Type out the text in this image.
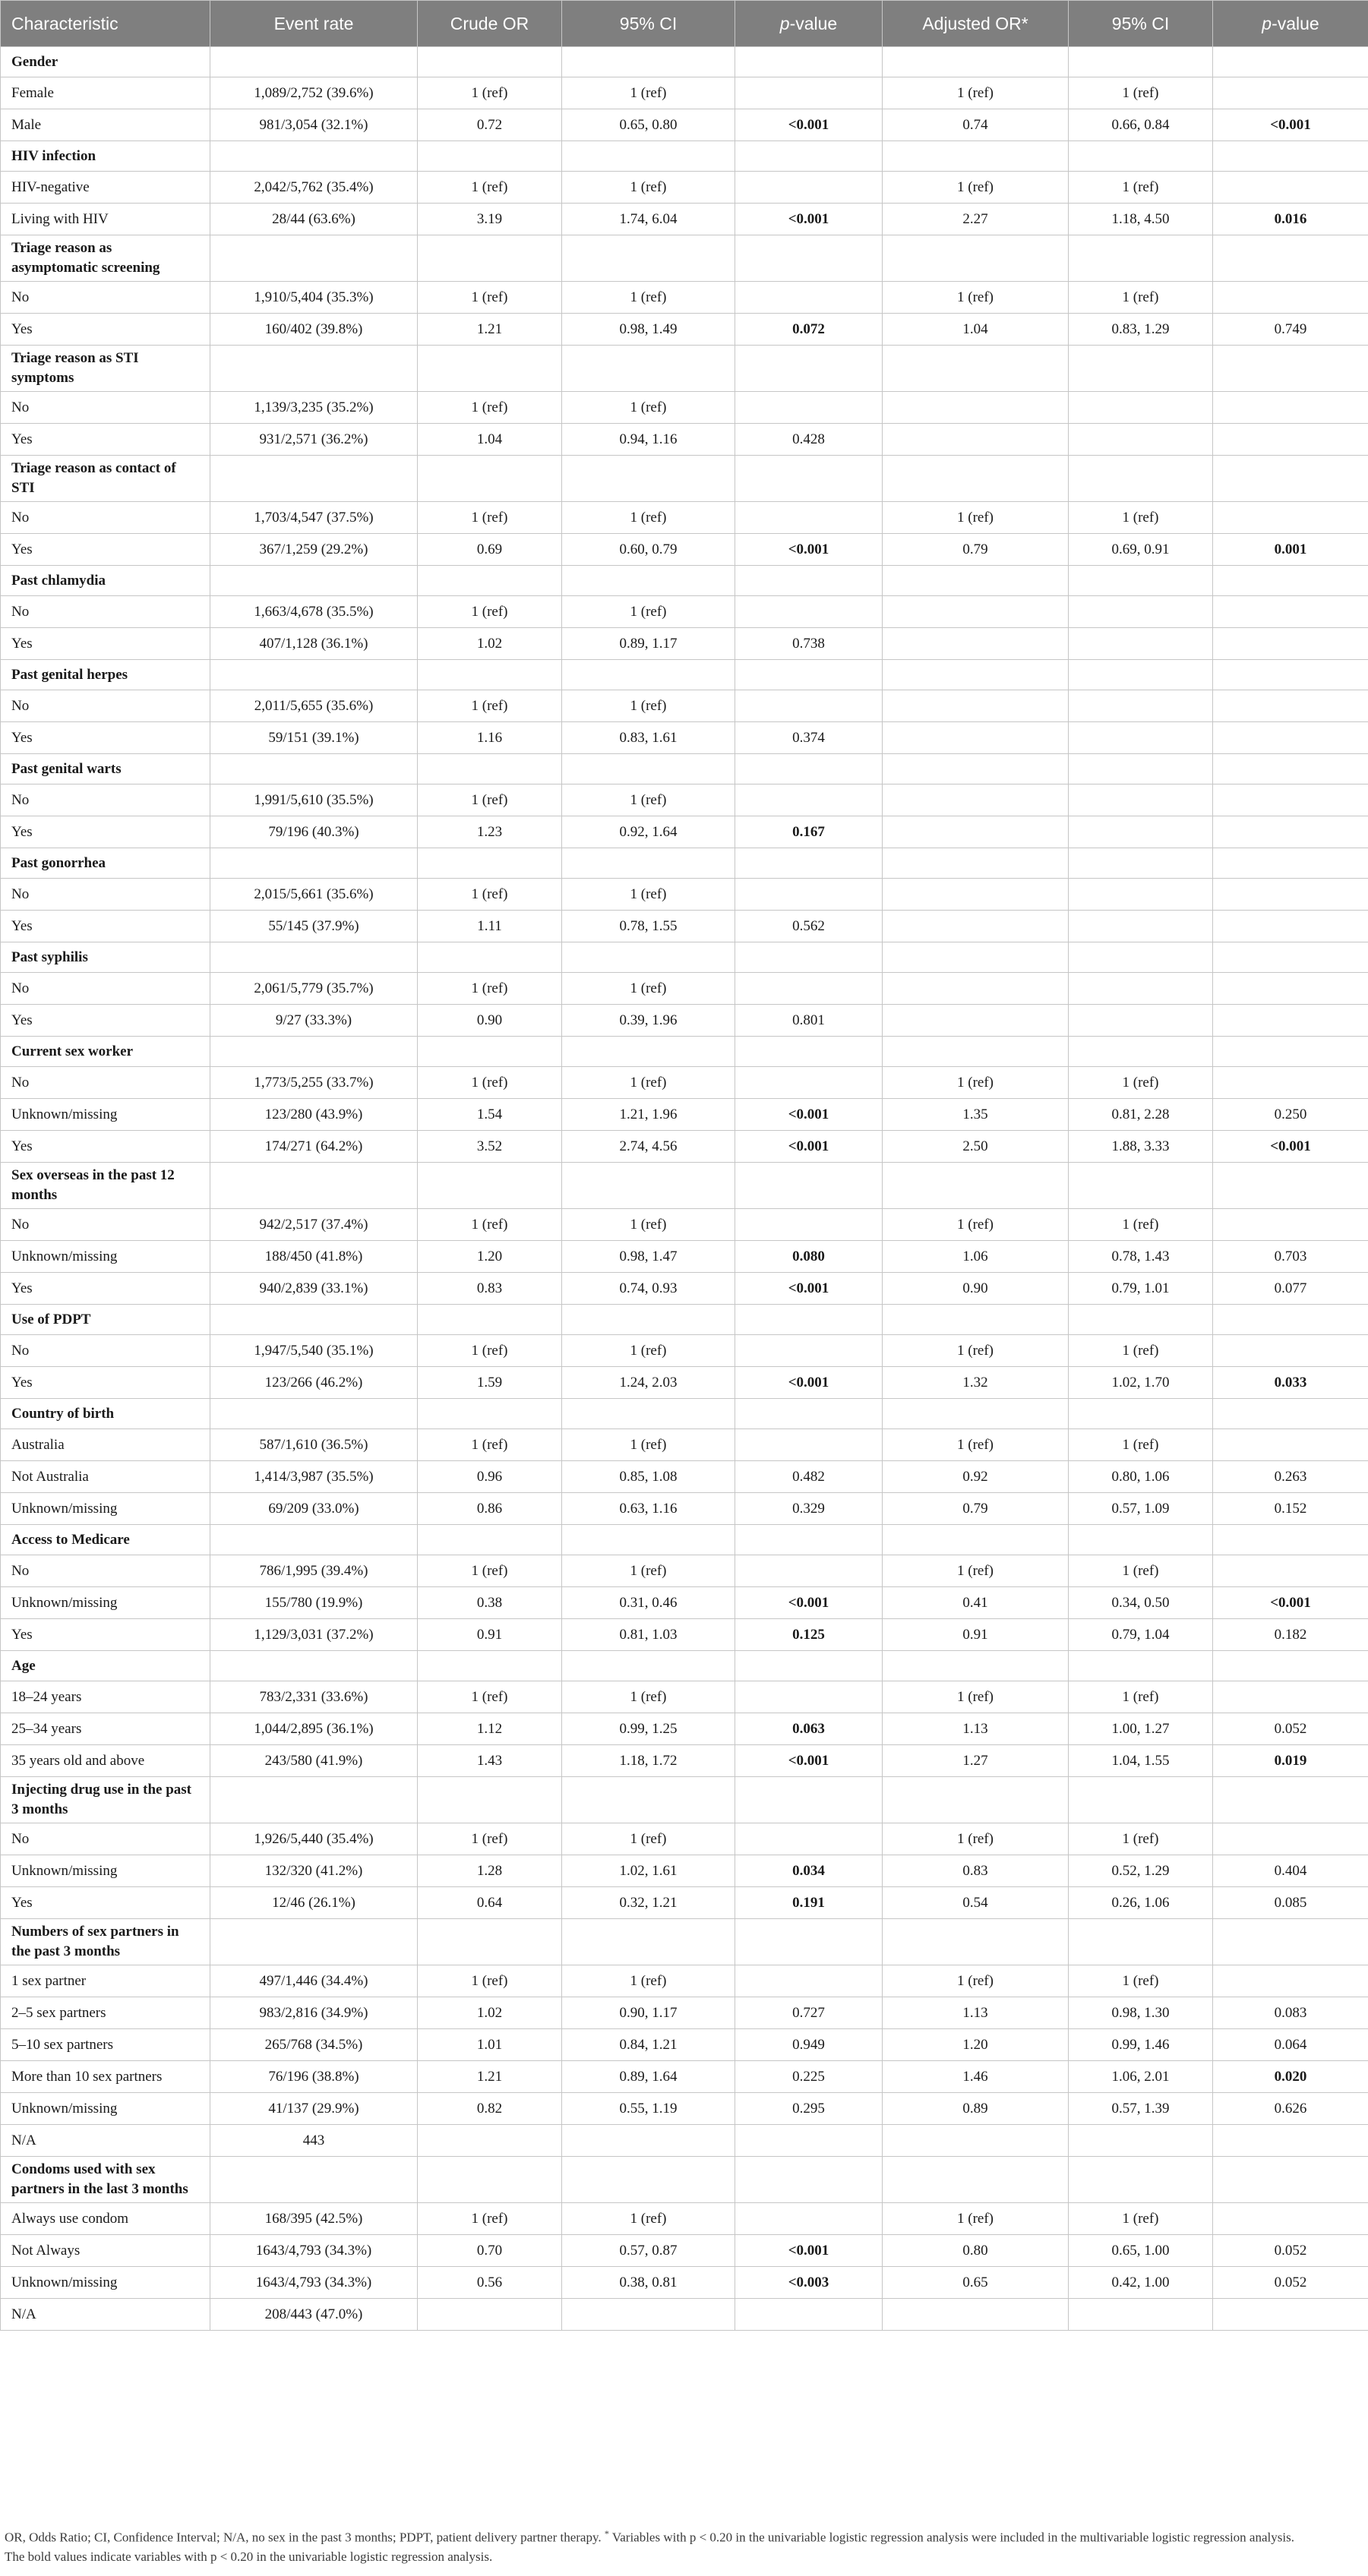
Characteristic	Event rate	Crude OR	95% CI	p-value	Adjusted OR*	95% CI	p-value
Gender							
Female	1,089/2,752 (39.6%)	1 (ref)	1 (ref)		1 (ref)	1 (ref)	
Male	981/3,054 (32.1%)	0.72	0.65, 0.80	<0.001	0.74	0.66, 0.84	<0.001
HIV infection							
HIV-negative	2,042/5,762 (35.4%)	1 (ref)	1 (ref)		1 (ref)	1 (ref)	
Living with HIV	28/44 (63.6%)	3.19	1.74, 6.04	<0.001	2.27	1.18, 4.50	0.016
Triage reason as asymptomatic screening							
No	1,910/5,404 (35.3%)	1 (ref)	1 (ref)		1 (ref)	1 (ref)	
Yes	160/402 (39.8%)	1.21	0.98, 1.49	0.072	1.04	0.83, 1.29	0.749
Triage reason as STI symptoms							
No	1,139/3,235 (35.2%)	1 (ref)	1 (ref)				
Yes	931/2,571 (36.2%)	1.04	0.94, 1.16	0.428			
Triage reason as contact of STI							
No	1,703/4,547 (37.5%)	1 (ref)	1 (ref)		1 (ref)	1 (ref)	
Yes	367/1,259 (29.2%)	0.69	0.60, 0.79	<0.001	0.79	0.69, 0.91	0.001
Past chlamydia							
No	1,663/4,678 (35.5%)	1 (ref)	1 (ref)				
Yes	407/1,128 (36.1%)	1.02	0.89, 1.17	0.738			
Past genital herpes							
No	2,011/5,655 (35.6%)	1 (ref)	1 (ref)				
Yes	59/151 (39.1%)	1.16	0.83, 1.61	0.374			
Past genital warts							
No	1,991/5,610 (35.5%)	1 (ref)	1 (ref)				
Yes	79/196 (40.3%)	1.23	0.92, 1.64	0.167			
Past gonorrhea							
No	2,015/5,661 (35.6%)	1 (ref)	1 (ref)				
Yes	55/145 (37.9%)	1.11	0.78, 1.55	0.562			
Past syphilis							
No	2,061/5,779 (35.7%)	1 (ref)	1 (ref)				
Yes	9/27 (33.3%)	0.90	0.39, 1.96	0.801			
Current sex worker							
No	1,773/5,255 (33.7%)	1 (ref)	1 (ref)		1 (ref)	1 (ref)	
Unknown/missing	123/280 (43.9%)	1.54	1.21, 1.96	<0.001	1.35	0.81, 2.28	0.250
Yes	174/271 (64.2%)	3.52	2.74, 4.56	<0.001	2.50	1.88, 3.33	<0.001
Sex overseas in the past 12 months							
No	942/2,517 (37.4%)	1 (ref)	1 (ref)		1 (ref)	1 (ref)	
Unknown/missing	188/450 (41.8%)	1.20	0.98, 1.47	0.080	1.06	0.78, 1.43	0.703
Yes	940/2,839 (33.1%)	0.83	0.74, 0.93	<0.001	0.90	0.79, 1.01	0.077
Use of PDPT							
No	1,947/5,540 (35.1%)	1 (ref)	1 (ref)		1 (ref)	1 (ref)	
Yes	123/266 (46.2%)	1.59	1.24, 2.03	<0.001	1.32	1.02, 1.70	0.033
Country of birth							
Australia	587/1,610 (36.5%)	1 (ref)	1 (ref)		1 (ref)	1 (ref)	
Not Australia	1,414/3,987 (35.5%)	0.96	0.85, 1.08	0.482	0.92	0.80, 1.06	0.263
Unknown/missing	69/209 (33.0%)	0.86	0.63, 1.16	0.329	0.79	0.57, 1.09	0.152
Access to Medicare							
No	786/1,995 (39.4%)	1 (ref)	1 (ref)		1 (ref)	1 (ref)	
Unknown/missing	155/780 (19.9%)	0.38	0.31, 0.46	<0.001	0.41	0.34, 0.50	<0.001
Yes	1,129/3,031 (37.2%)	0.91	0.81, 1.03	0.125	0.91	0.79, 1.04	0.182
Age							
18–24 years	783/2,331 (33.6%)	1 (ref)	1 (ref)		1 (ref)	1 (ref)	
25–34 years	1,044/2,895 (36.1%)	1.12	0.99, 1.25	0.063	1.13	1.00, 1.27	0.052
35 years old and above	243/580 (41.9%)	1.43	1.18, 1.72	<0.001	1.27	1.04, 1.55	0.019
Injecting drug use in the past 3 months							
No	1,926/5,440 (35.4%)	1 (ref)	1 (ref)		1 (ref)	1 (ref)	
Unknown/missing	132/320 (41.2%)	1.28	1.02, 1.61	0.034	0.83	0.52, 1.29	0.404
Yes	12/46 (26.1%)	0.64	0.32, 1.21	0.191	0.54	0.26, 1.06	0.085
Numbers of sex partners in the past 3 months							
1 sex partner	497/1,446 (34.4%)	1 (ref)	1 (ref)		1 (ref)	1 (ref)	
2–5 sex partners	983/2,816 (34.9%)	1.02	0.90, 1.17	0.727	1.13	0.98, 1.30	0.083
5–10 sex partners	265/768 (34.5%)	1.01	0.84, 1.21	0.949	1.20	0.99, 1.46	0.064
More than 10 sex partners	76/196 (38.8%)	1.21	0.89, 1.64	0.225	1.46	1.06, 2.01	0.020
Unknown/missing	41/137 (29.9%)	0.82	0.55, 1.19	0.295	0.89	0.57, 1.39	0.626
N/A	443						
Condoms used with sex partners in the last 3 months							
Always use condom	168/395 (42.5%)	1 (ref)	1 (ref)		1 (ref)	1 (ref)	
Not Always	1643/4,793 (34.3%)	0.70	0.57, 0.87	<0.001	0.80	0.65, 1.00	0.052
Unknown/missing	1643/4,793 (34.3%)	0.56	0.38, 0.81	<0.003	0.65	0.42, 1.00	0.052
N/A	208/443 (47.0%)						
OR, Odds Ratio; CI, Confidence Interval; N/A, no sex in the past 3 months; PDPT, patient delivery partner therapy. * Variables with p < 0.20 in the univariable logistic regression analysis were included in the multivariable logistic regression analysis.
The bold values indicate variables with p < 0.20 in the univariable logistic regression analysis.
